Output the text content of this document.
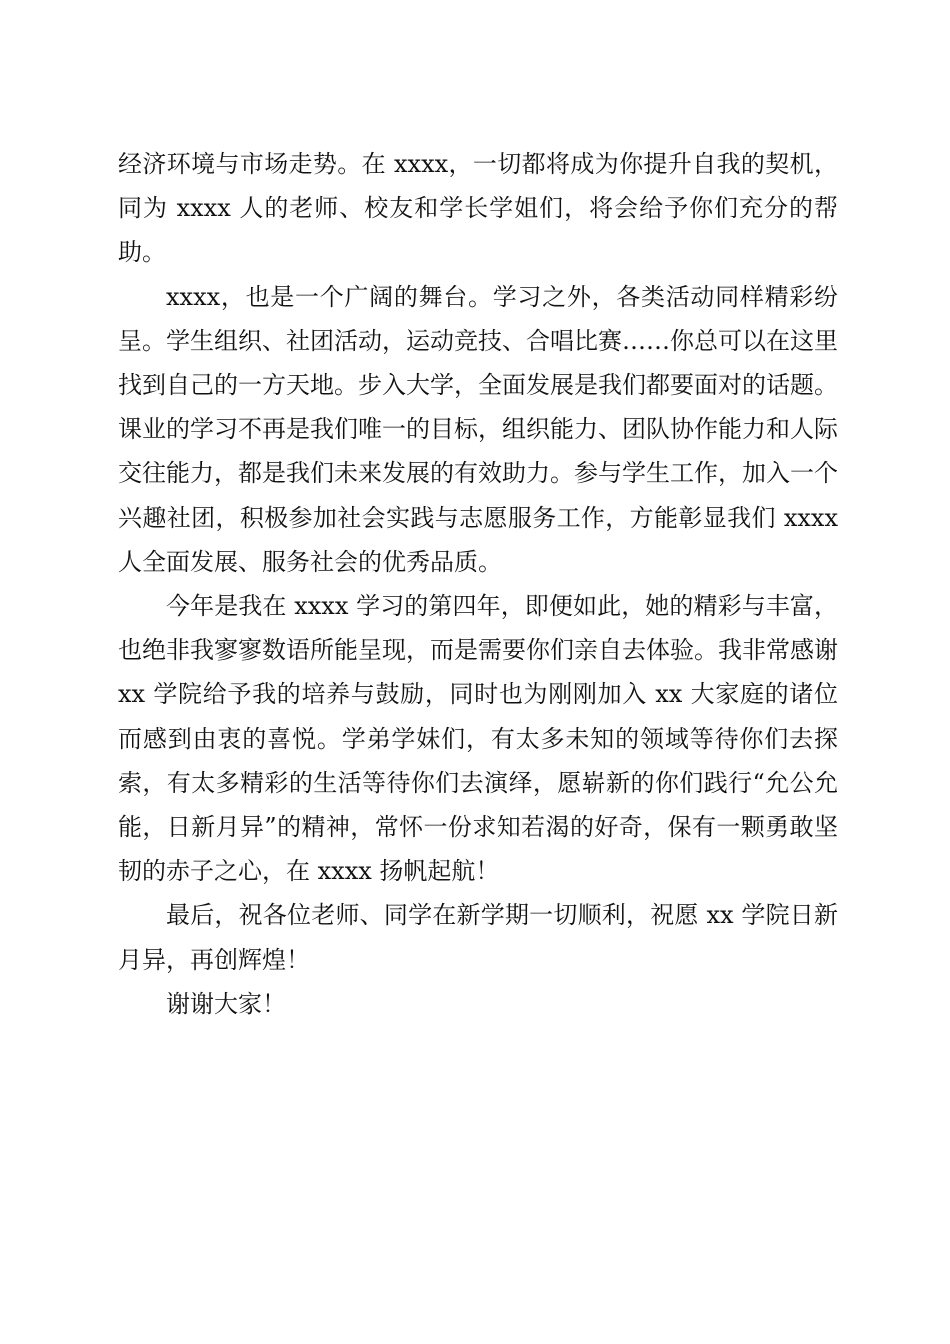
经济环境与市场走势。在 xxxx，一切都将成为你提升自我的契机，同为 xxxx 人的老师、校友和学长学姐们，将会给予你们充分的帮助。

xxxx，也是一个广阔的舞台。学习之外，各类活动同样精彩纷呈。学生组织、社团活动，运动竞技、合唱比赛……你总可以在这里找到自己的一方天地。步入大学，全面发展是我们都要面对的话题。课业的学习不再是我们唯一的目标，组织能力、团队协作能力和人际交往能力，都是我们未来发展的有效助力。参与学生工作，加入一个兴趣社团，积极参加社会实践与志愿服务工作，方能彰显我们 xxxx 人全面发展、服务社会的优秀品质。

今年是我在 xxxx 学习的第四年，即便如此，她的精彩与丰富，也绝非我寥寥数语所能呈现，而是需要你们亲自去体验。我非常感谢 xx 学院给予我的培养与鼓励，同时也为刚刚加入 xx 大家庭的诸位而感到由衷的喜悦。学弟学妹们，有太多未知的领域等待你们去探索，有太多精彩的生活等待你们去演绎，愿崭新的你们践行“允公允能，日新月异”的精神，常怀一份求知若渴的好奇，保有一颗勇敢坚韧的赤子之心，在 xxxx 扬帆起航！

最后，祝各位老师、同学在新学期一切顺利，祝愿 xx 学院日新月异，再创辉煌！

谢谢大家！
